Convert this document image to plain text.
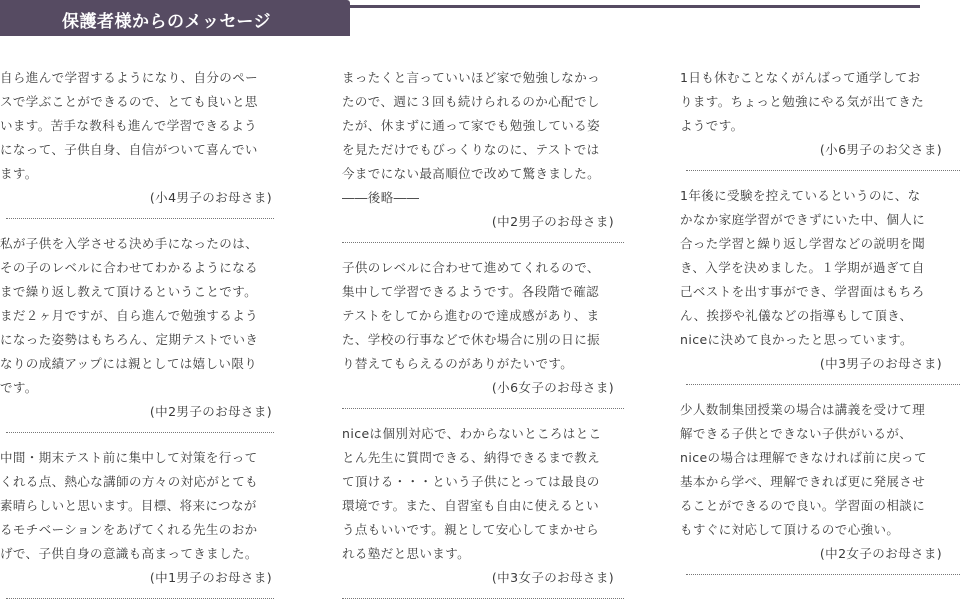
保護者様からのメッセージ

自ら進んで学習するようになり、自分のペー

スで学ぶことができるので、とても良いと思

います。苦手な教科も進んで学習できるよう

になって、子供自身、自信がついて喜んでい

ます。

(小4男子のお母さま)

私が子供を入学させる決め手になったのは、

その子のレベルに合わせてわかるようになる

まで繰り返し教えて頂けるということです。

まだ２ヶ月ですが、自ら進んで勉強するよう

になった姿勢はもちろん、定期テストでいき

なりの成績アップには親としては嬉しい限り

です。

(中2男子のお母さま)

中間・期末テスト前に集中して対策を行って

くれる点、熱心な講師の方々の対応がとても

素晴らしいと思います。目標、将来につなが

るモチベーションをあげてくれる先生のおか

げで、子供自身の意識も高まってきました。

(中1男子のお母さま)

まったくと言っていいほど家で勉強しなかっ

たので、週に３回も続けられるのか心配でし

たが、休まずに通って家でも勉強している姿

を見ただけでもびっくりなのに、テストでは

今までにない最高順位で改めて驚きました。

――後略――

(中2男子のお母さま)

子供のレベルに合わせて進めてくれるので、

集中して学習できるようです。各段階で確認

テストをしてから進むので達成感があり、ま

た、学校の行事などで休む場合に別の日に振

り替えてもらえるのがありがたいです。

(小6女子のお母さま)

niceは個別対応で、わからないところはとこ

とん先生に質問できる、納得できるまで教え

て頂ける・・・という子供にとっては最良の

環境です。また、自習室も自由に使えるとい

う点もいいです。親として安心してまかせら

れる塾だと思います。

(中3女子のお母さま)

1日も休むことなくがんばって通学してお

ります。ちょっと勉強にやる気が出てきた

ようです。

(小6男子のお父さま)

1年後に受験を控えているというのに、な

かなか家庭学習ができずにいた中、個人に

合った学習と繰り返し学習などの説明を聞

き、入学を決めました。１学期が過ぎて自

己ベストを出す事ができ、学習面はもちろ

ん、挨拶や礼儀などの指導もして頂き、

niceに決めて良かったと思っています。

(中3男子のお母さま)

少人数制集団授業の場合は講義を受けて理

解できる子供とできない子供がいるが、

niceの場合は理解できなければ前に戻って

基本から学べ、理解できれば更に発展させ

ることができるので良い。学習面の相談に

もすぐに対応して頂けるので心強い。

(中2女子のお母さま)
